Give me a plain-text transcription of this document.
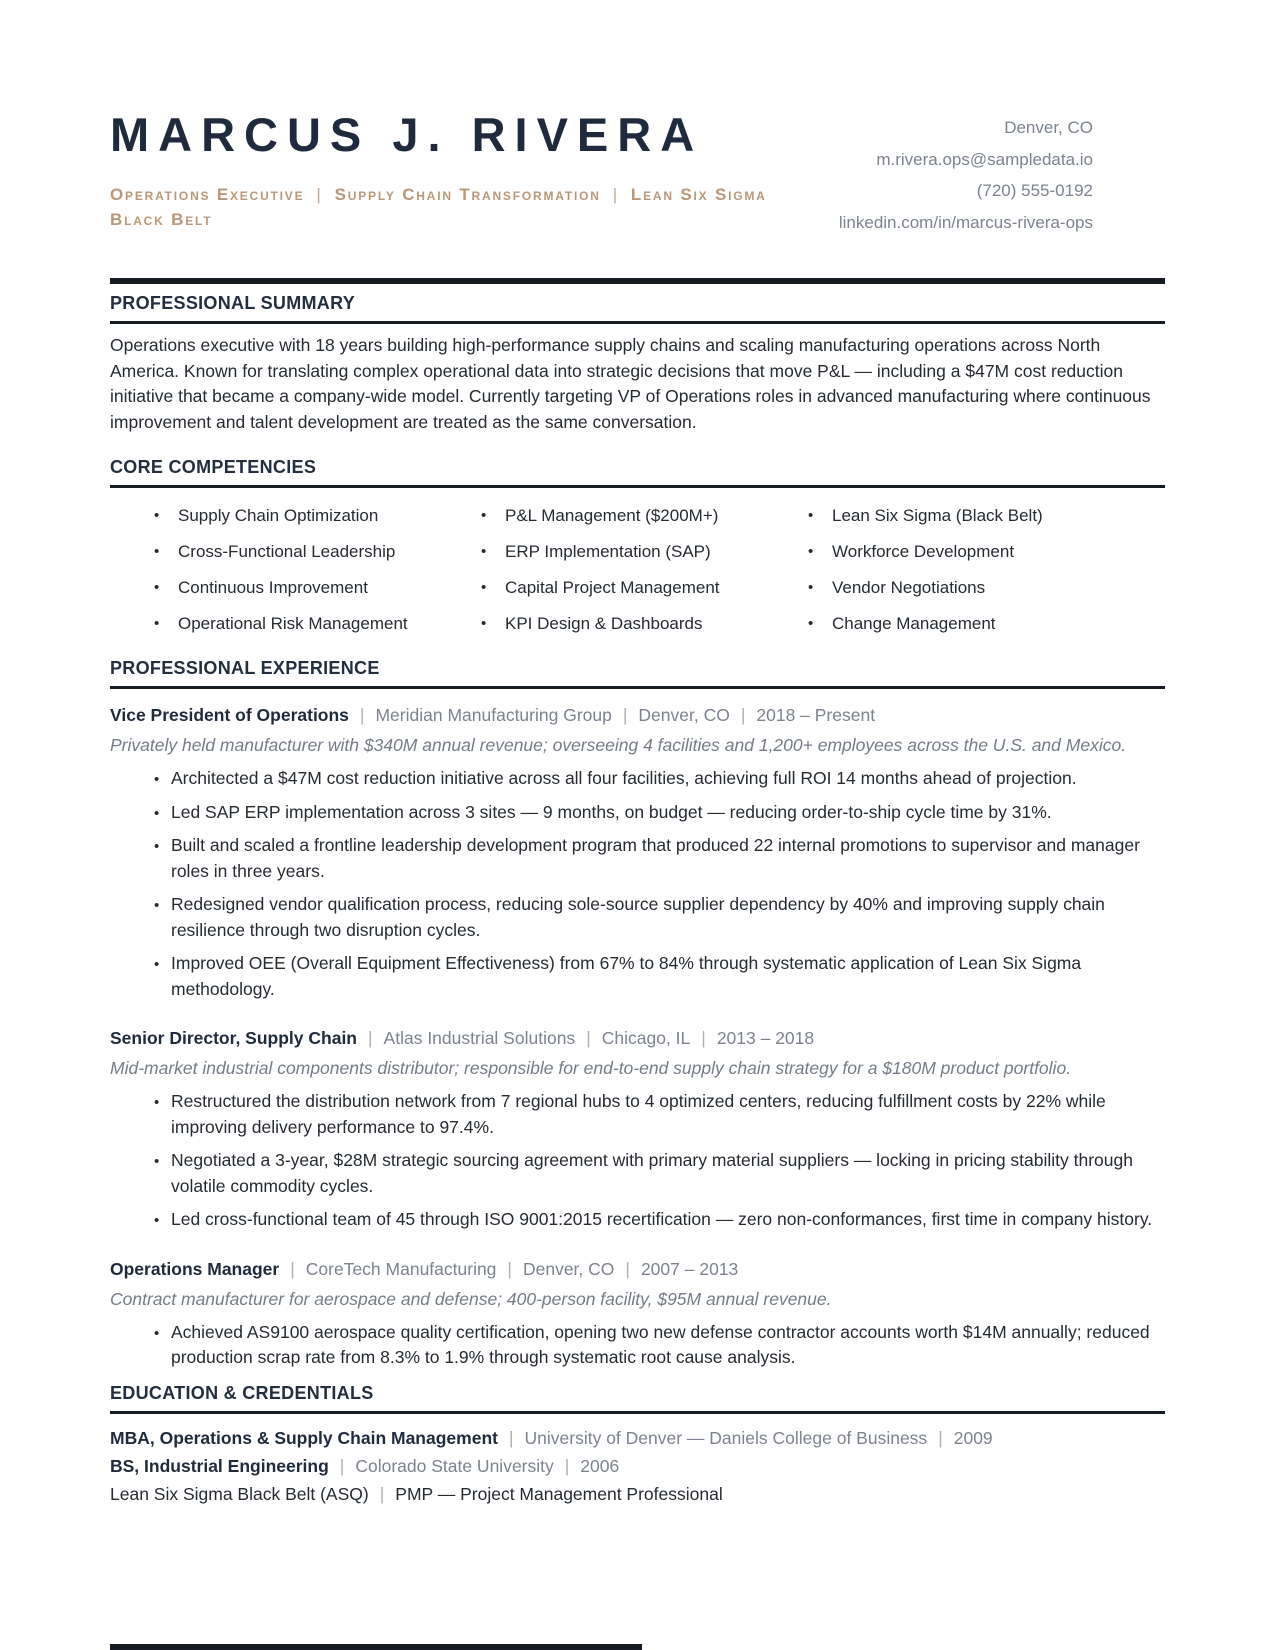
MARCUS J. RIVERA
Operations Executive | Supply Chain Transformation | Lean Six Sigma Black Belt
Denver, CO
m.rivera.ops@sampledata.io
(720) 555-0192
linkedin.com/in/marcus-rivera-ops
PROFESSIONAL SUMMARY
Operations executive with 18 years building high-performance supply chains and scaling manufacturing operations across North America. Known for translating complex operational data into strategic decisions that move P&L — including a $47M cost reduction initiative that became a company-wide model. Currently targeting VP of Operations roles in advanced manufacturing where continuous improvement and talent development are treated as the same conversation.
CORE COMPETENCIES
• Supply Chain Optimization
• Cross-Functional Leadership
• Continuous Improvement
• Operational Risk Management
• P&L Management ($200M+)
• ERP Implementation (SAP)
• Capital Project Management
• KPI Design & Dashboards
• Lean Six Sigma (Black Belt)
• Workforce Development
• Vendor Negotiations
• Change Management
PROFESSIONAL EXPERIENCE
Vice President of Operations | Meridian Manufacturing Group | Denver, CO | 2018 – Present
Privately held manufacturer with $340M annual revenue; overseeing 4 facilities and 1,200+ employees across the U.S. and Mexico.
• Architected a $47M cost reduction initiative across all four facilities, achieving full ROI 14 months ahead of projection.
• Led SAP ERP implementation across 3 sites — 9 months, on budget — reducing order-to-ship cycle time by 31%.
• Built and scaled a frontline leadership development program that produced 22 internal promotions to supervisor and manager roles in three years.
• Redesigned vendor qualification process, reducing sole-source supplier dependency by 40% and improving supply chain resilience through two disruption cycles.
• Improved OEE (Overall Equipment Effectiveness) from 67% to 84% through systematic application of Lean Six Sigma methodology.
Senior Director, Supply Chain | Atlas Industrial Solutions | Chicago, IL | 2013 – 2018
Mid-market industrial components distributor; responsible for end-to-end supply chain strategy for a $180M product portfolio.
• Restructured the distribution network from 7 regional hubs to 4 optimized centers, reducing fulfillment costs by 22% while improving delivery performance to 97.4%.
• Negotiated a 3-year, $28M strategic sourcing agreement with primary material suppliers — locking in pricing stability through volatile commodity cycles.
• Led cross-functional team of 45 through ISO 9001:2015 recertification — zero non-conformances, first time in company history.
Operations Manager | CoreTech Manufacturing | Denver, CO | 2007 – 2013
Contract manufacturer for aerospace and defense; 400-person facility, $95M annual revenue.
• Achieved AS9100 aerospace quality certification, opening two new defense contractor accounts worth $14M annually; reduced production scrap rate from 8.3% to 1.9% through systematic root cause analysis.
EDUCATION & CREDENTIALS
MBA, Operations & Supply Chain Management | University of Denver — Daniels College of Business | 2009
BS, Industrial Engineering | Colorado State University | 2006
Lean Six Sigma Black Belt (ASQ) | PMP — Project Management Professional
